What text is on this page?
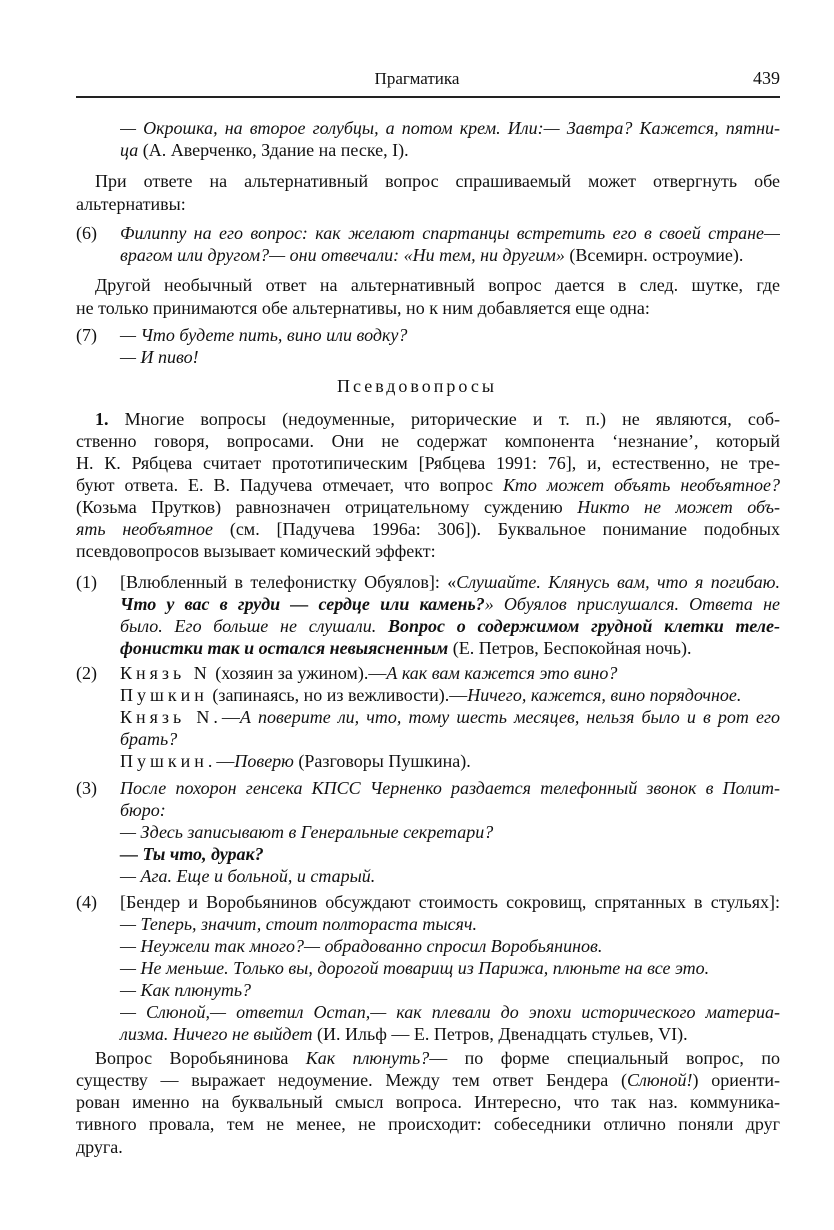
Прагматика	439
Псевдовопросы
— Окрошка, на второе голубцы, а потом крем. Или:— Завтра? Кажется, пятни-
ца (А. Аверченко, Здание на песке, I).
При ответе на альтернативный вопрос спрашиваемый может отвергнуть обе
альтернативы:
Филиппу на его вопрос: как желают спартанцы встретить его в своей стране—
(6)
врагом или другом?— они отвечали: «Ни тем, ни другим» (Всемирн. остроумие).
Другой необычный ответ на альтернативный вопрос дается в след. шутке, где
не только принимаются обе альтернативы, но к ним добавляется еще одна:
— Что будете пить, вино или водку?
(7)
— И пиво!
1. Многие вопросы (недоуменные, риторические и т. п.) не являются, соб-
ственно говоря, вопросами. Они не содержат компонента ‘незнание’, который
Н. К. Рябцева считает прототипическим [Рябцева 1991: 76], и, естественно, не тре-
буют ответа. Е. В. Падучева отмечает, что вопрос Кто может объять необъятное?
(Козьма Прутков) равнозначен отрицательному суждению Никто не может объ-
ять необъятное (см. [Падучева 1996а: 306]). Буквальное понимание подобных
псевдовопросов вызывает комический эффект:
[Влюбленный в телефонистку Обуялов]: «Слушайте. Клянусь вам, что я погибаю.
(1)
Что у вас в груди — сердце или камень?» Обуялов прислушался. Ответа не
было. Его больше не слушали. Вопрос о содержимом грудной клетки теле-
фонистки так и остался невыясненным (Е. Петров, Беспокойная ночь).
Князь N (хозяин за ужином).—А как вам кажется это вино?
(2)
Пушкин (запинаясь, но из вежливости).—Ничего, кажется, вино порядочное.
Князь N.—А поверите ли, что, тому шесть месяцев, нельзя было и в рот его
брать?
Пушкин.—Поверю (Разговоры Пушкина).
После похорон генсека КПСС Черненко раздается телефонный звонок в Полит-
(3)
бюро:
— Здесь записывают в Генеральные секретари?
— Ты что, дурак?
— Ага. Еще и больной, и старый.
[Бендер и Воробьянинов обсуждают стоимость сокровищ, спрятанных в стульях]:
(4)
— Теперь, значит, стоит полтораста тысяч.
— Неужели так много?— обрадованно спросил Воробьянинов.
— Не меньше. Только вы, дорогой товарищ из Парижа, плюньте на все это.
— Как плюнуть?
— Слюной,— ответил Остап,— как плевали до эпохи исторического материа-
лизма. Ничего не выйдет (И. Ильф — Е. Петров, Двенадцать стульев, VI).
Вопрос Воробьянинова Как плюнуть?— по форме специальный вопрос, по
существу — выражает недоумение. Между тем ответ Бендера (Слюной!) ориенти-
рован именно на буквальный смысл вопроса. Интересно, что так наз. коммуника-
тивного провала, тем не менее, не происходит: собеседники отлично поняли друг
друга.
